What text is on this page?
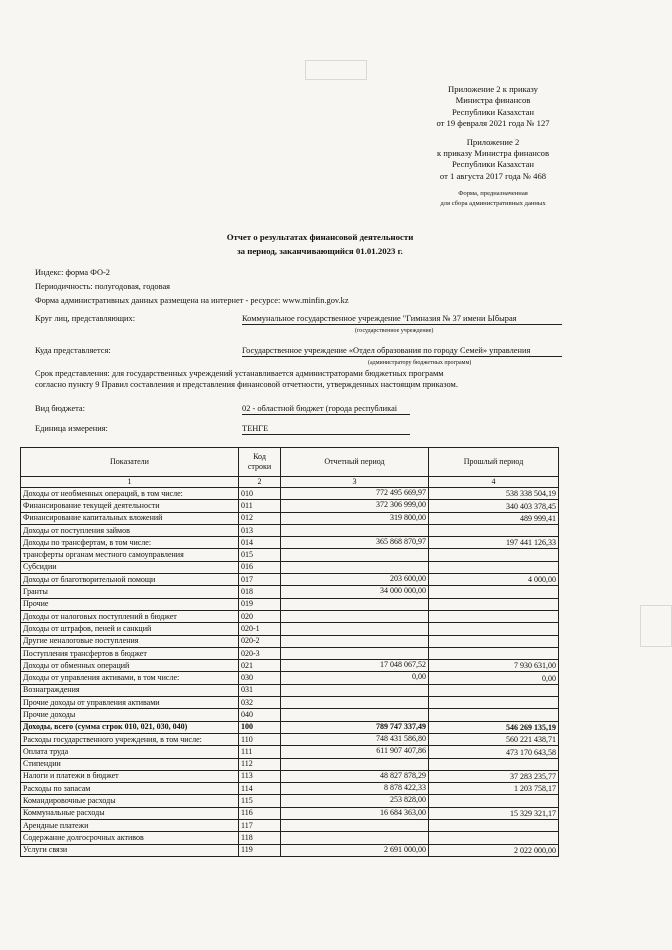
Приложение 2 к приказу
Министра финансов
Республики Казахстан
от 19 февраля 2021 года № 127
Приложение 2
к приказу Министра финансов
Республики Казахстан
от 1 августа 2017 года № 468
Форма, предназначенная
для сбора административных данных
Отчет о результатах финансовой деятельности
за период, заканчивающийся 01.01.2023 г.
Индекс: форма ФО-2
Периодичность: полугодовая, годовая
Форма административных данных размещена на интернет - ресурсе: www.minfin.gov.kz
Круг лиц, представляющих:	Коммунальное государственное учреждение "Гимназия № 37 имени Ыбырая
(государственное учреждение)
Куда представляется:	Государственное учреждение «Отдел образования по городу Семей» управления
(администратору бюджетных программ)
Срок представления: для государственных учреждений устанавливается администраторами бюджетных программ
согласно пункту 9 Правил составления и представления финансовой отчетности, утвержденных настоящим приказом.
Вид бюджета:	02 - областной бюджет (города республикаі
Единица измерения:	ТЕНГЕ
Показатели	Код строки	Отчетный период	Прошлый период
1	2	3	4
Доходы от необменных операций, в том числе:	010	772 495 669,97	538 338 504,19
Финансирование текущей деятельности	011	372 306 999,00	340 403 378,45
Финансирование капитальных вложений	012	319 800,00	489 999,41
Доходы от поступления займов	013		
Доходы по трансфертам, в том числе:	014	365 868 870,97	197 441 126,33
трансферты органам местного самоуправления	015		
Субсидии	016		
Доходы от благотворительной помощи	017	203 600,00	4 000,00
Гранты	018	34 000 000,00	
Прочие	019		
Доходы от налоговых поступлений в бюджет	020		
Доходы от штрафов, пеней и санкций	020-1		
Другие неналоговые поступления	020-2		
Поступления трансфертов в бюджет	020-3		
Доходы от обменных операций	021	17 048 067,52	7 930 631,00
Доходы от управления активами, в том числе:	030	0,00	0,00
Вознаграждения	031		
Прочие доходы от управления активами	032		
Прочие доходы	040		
Доходы, всего (сумма строк 010, 021, 030, 040)	100	789 747 337,49	546 269 135,19
Расходы государственного учреждения, в том числе:	110	748 431 586,80	560 221 438,71
Оплата труда	111	611 907 407,86	473 170 643,58
Стипендии	112		
Налоги и платежи в бюджет	113	48 827 878,29	37 283 235,77
Расходы по запасам	114	8 878 422,33	1 203 758,17
Командировочные расходы	115	253 828,00	
Коммунальные расходы	116	16 684 363,00	15 329 321,17
Арендные платежи	117		
Содержание долгосрочных активов	118		
Услуги связи	119	2 691 000,00	2 022 000,00
